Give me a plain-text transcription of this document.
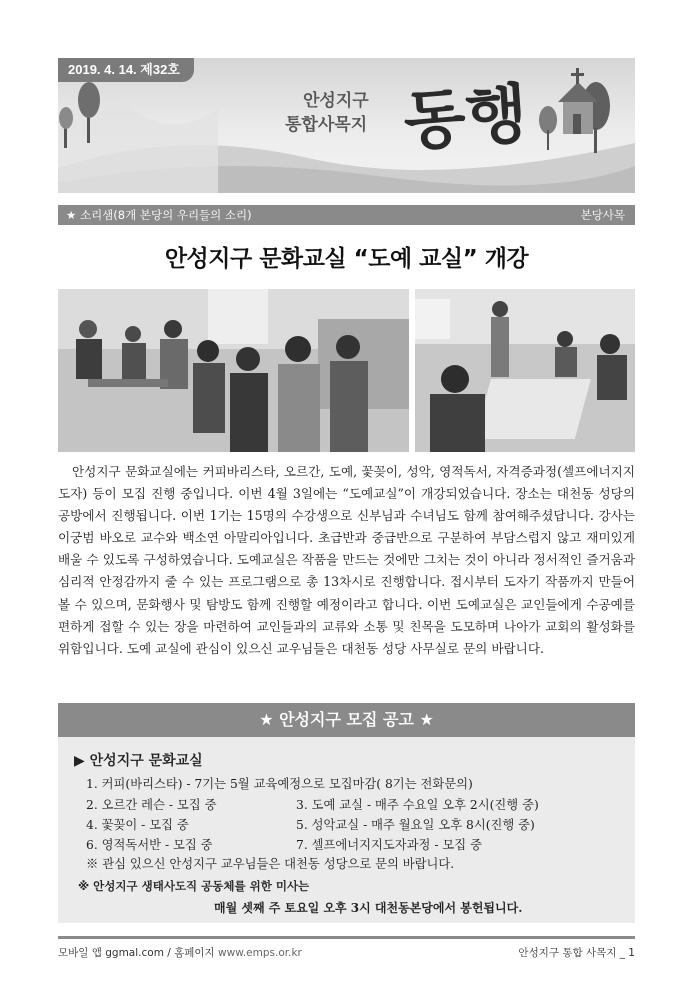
2019. 4. 14. 제32호
안성지구
통합사목지 동행
★ 소리샘(8개 본당의 우리들의 소리)	본당사목
안성지구 문화교실 “도예 교실” 개강

안성지구 문화교실에는 커피바리스타, 오르간, 도예, 꽃꽂이, 성악, 영적독서, 자격증과정(셀프에너지지도자) 등이 모집 진행 중입니다. 이번 4월 3일에는 “도예교실”이 개강되었습니다. 장소는 대천동 성당의 공방에서 진행됩니다. 이번 1기는 15명의 수강생으로 신부님과 수녀님도 함께 참여해주셨답니다. 강사는 이궁범 바오로 교수와 백소연 아말리아입니다. 초급반과 중급반으로 구분하여 부담스럽지 않고 재미있게 배울 수 있도록 구성하였습니다. 도예교실은 작품을 만드는 것에만 그치는 것이 아니라 정서적인 즐거움과 심리적 안정감까지 줄 수 있는 프로그램으로 총 13차시로 진행합니다. 접시부터 도자기 작품까지 만들어 볼 수 있으며, 문화행사 및 탐방도 함께 진행할 예정이라고 합니다. 이번 도예교실은 교인들에게 수공예를 편하게 접할 수 있는 장을 마련하여 교인들과의 교류와 소통 및 친목을 도모하며 나아가 교회의 활성화를 위함입니다. 도예 교실에 관심이 있으신 교우님들은 대천동 성당 사무실로 문의 바랍니다.

★ 안성지구 모집 공고 ★
▶ 안성지구 문화교실
1. 커피(바리스타) - 7기는 5월 교육예정으로 모집마감( 8기는 전화문의)
2. 오르간 레슨 - 모집 중	3. 도예 교실 - 매주 수요일 오후 2시(진행 중)
4. 꽃꽂이 - 모집 중	5. 성악교실 - 매주 월요일 오후 8시(진행 중)
6. 영적독서반 - 모집 중	7. 셀프에너지지도자과정 - 모집 중
※ 관심 있으신 안성지구 교우님들은 대천동 성당으로 문의 바랍니다.
※ 안성지구 생태사도직 공동체를 위한 미사는
매월 셋째 주 토요일 오후 3시 대천동본당에서 봉헌됩니다.
모바일 앱 ggmal.com / 홈페이지 www.emps.or.kr	안성지구 통합 사목지 _ 1
